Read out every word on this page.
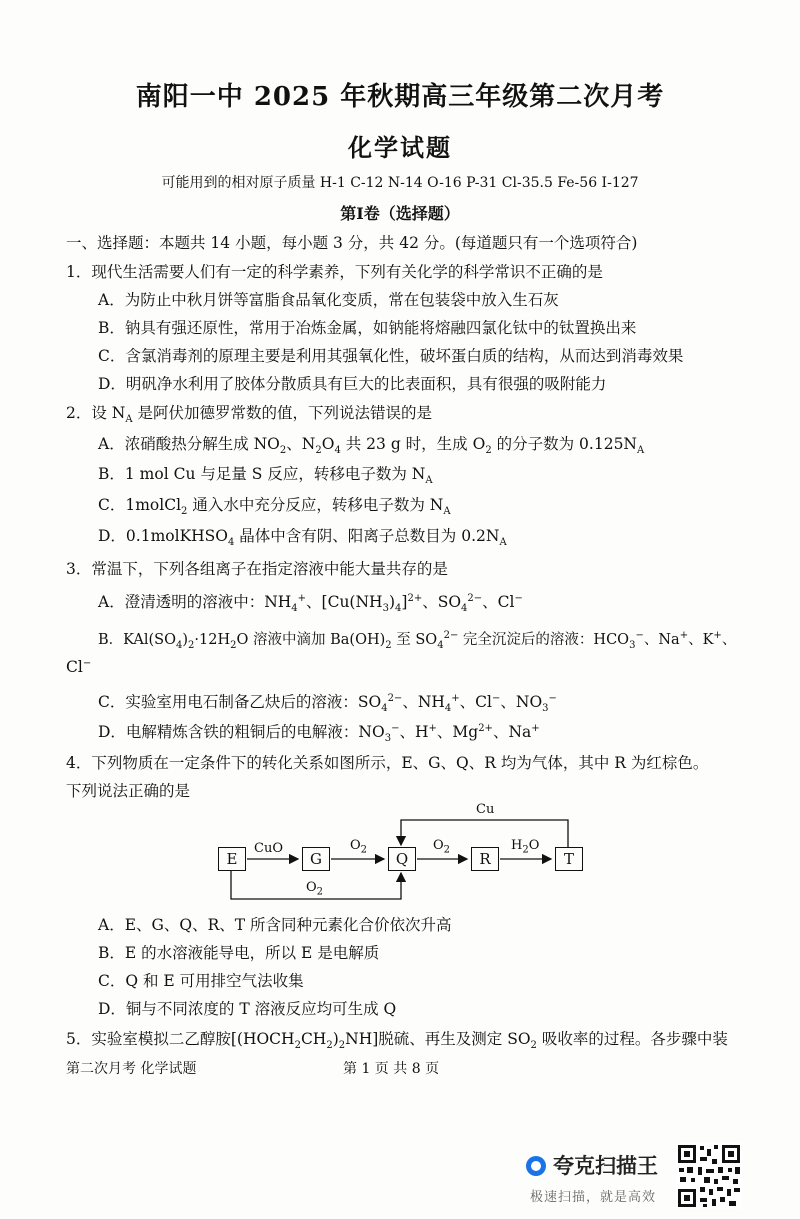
南阳一中 2025 年秋期高三年级第二次月考
化学试题
可能用到的相对原子质量 H-1 C-12 N-14 O-16 P-31 Cl-35.5 Fe-56 I-127
第I卷（选择题）
一、选择题：本题共 14 小题，每小题 3 分，共 42 分。(每道题只有一个选项符合)
1．现代生活需要人们有一定的科学素养，下列有关化学的科学常识不正确的是
A．为防止中秋月饼等富脂食品氧化变质，常在包装袋中放入生石灰
B．钠具有强还原性，常用于冶炼金属，如钠能将熔融四氯化钛中的钛置换出来
C．含氯消毒剂的原理主要是利用其强氧化性，破坏蛋白质的结构，从而达到消毒效果
D．明矾净水利用了胶体分散质具有巨大的比表面积，具有很强的吸附能力
2．设 $N_A$ 是阿伏加德罗常数的值，下列说法错误的是
A．浓硝酸热分解生成 $NO_2$、$N_2O_4$ 共 23 g 时，生成 $O_2$ 的分子数为 $0.125N_A$
B．1 mol Cu 与足量 S 反应，转移电子数为 $N_A$
C．1molCl$_2$ 通入水中充分反应，转移电子数为 $N_A$
D．0.1molKHSO$_4$ 晶体中含有阴、阳离子总数目为 $0.2N_A$
3．常温下，下列各组离子在指定溶液中能大量共存的是
A．澄清透明的溶液中：$NH_4^+$、$[Cu(NH_3)_4]^{2+}$、$SO_4^{2-}$、Cl−
B．$KAl(SO_4)_2\cdot 12H_2O$ 溶液中滴加 $Ba(OH)_2$ 至 $SO_4^{2-}$ 完全沉淀后的溶液：$HCO_3^-$、Na+、K+、
Cl−
C．实验室用电石制备乙炔后的溶液：$SO_4^{2-}$、$NH_4^+$、Cl−、$NO_3^-$
D．电解精炼含铁的粗铜后的电解液：$NO_3^-$、H+、$Mg^{2+}$、Na+
4．下列物质在一定条件下的转化关系如图所示，E、G、Q、R 均为气体，其中 R 为红棕色。
下列说法正确的是
E	G	Q	R	T
CuO	$O_2$	$O_2$	$H_2O$
Cu
$O_2$
A．E、G、Q、R、T 所含同种元素化合价依次升高
B．E 的水溶液能导电，所以 E 是电解质
C．Q 和 E 可用排空气法收集
D．铜与不同浓度的 T 溶液反应均可生成 Q
5．实验室模拟二乙醇胺$[(HOCH_2CH_2)_2NH]$脱硫、再生及测定 $SO_2$ 吸收率的过程。各步骤中装
第二次月考 化学试题	第 1 页 共 8 页
夸克扫描王
极速扫描，就是高效
